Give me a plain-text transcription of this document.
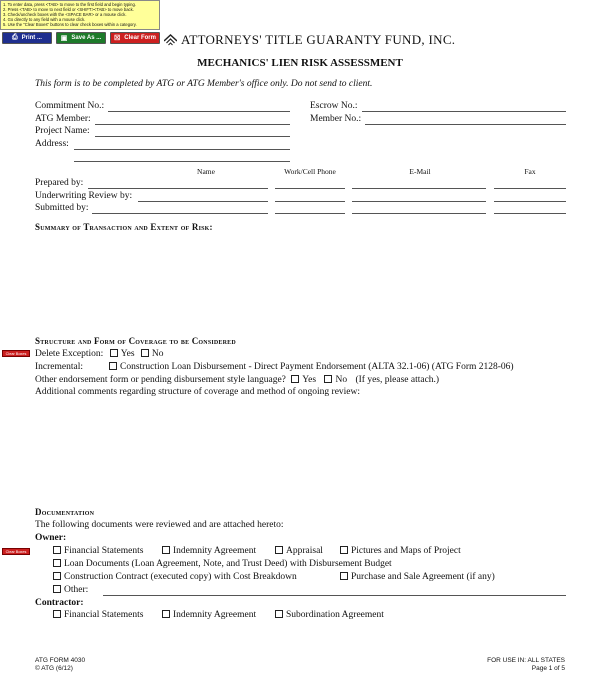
1. To enter data, press <TAB> to move to the first field and begin typing.
2. Press <TAB> to move to next field or <SHIFT><TAB> to move back.
3. Check/uncheck boxes with the <SPACE BAR> or a mouse click.
4. Go directly to any field with a mouse click.
5. Use the "Clear Boxes" buttons to clear check boxes within a category.
⎙ Print ...	▣ Save As ... ☒ Clear Form ATTORNEYS' TITLE GUARANTY FUND, INC.
MECHANICS' LIEN RISK ASSESSMENT
This form is to be completed by ATG or ATG Member's office only. Do not send to client.
Commitment No.:	Escrow No.:
ATG Member:	Member No.:
Project Name:
Address:
Name	Work/Cell Phone	E-Mail	Fax
Prepared by:
Underwriting Review by:
Submitted by:
Summary of Transaction and Extent of Risk:
Structure and Form of Coverage to be Considered
Clear Boxes Delete Exception: Yes No
Incremental:	Construction Loan Disbursement - Direct Payment Endorsement (ALTA 32.1-06) (ATG Form 2128-06)
Other endorsement form or pending disbursement style language? Yes No (If yes, please attach.)
Additional comments regarding structure of coverage and method of ongoing review:
Documentation
The following documents were reviewed and are attached hereto:
Owner:
Clear Boxes	Financial Statements	Indemnity Agreement	Appraisal	Pictures and Maps of Project
Loan Documents (Loan Agreement, Note, and Trust Deed) with Disbursement Budget
Construction Contract (executed copy) with Cost Breakdown	Purchase and Sale Agreement (if any)
Other:
Contractor:
Financial Statements	Indemnity Agreement	Subordination Agreement
ATG FORM 4030
© ATG (6/12)
FOR USE IN: ALL STATES
Page 1 of 5
